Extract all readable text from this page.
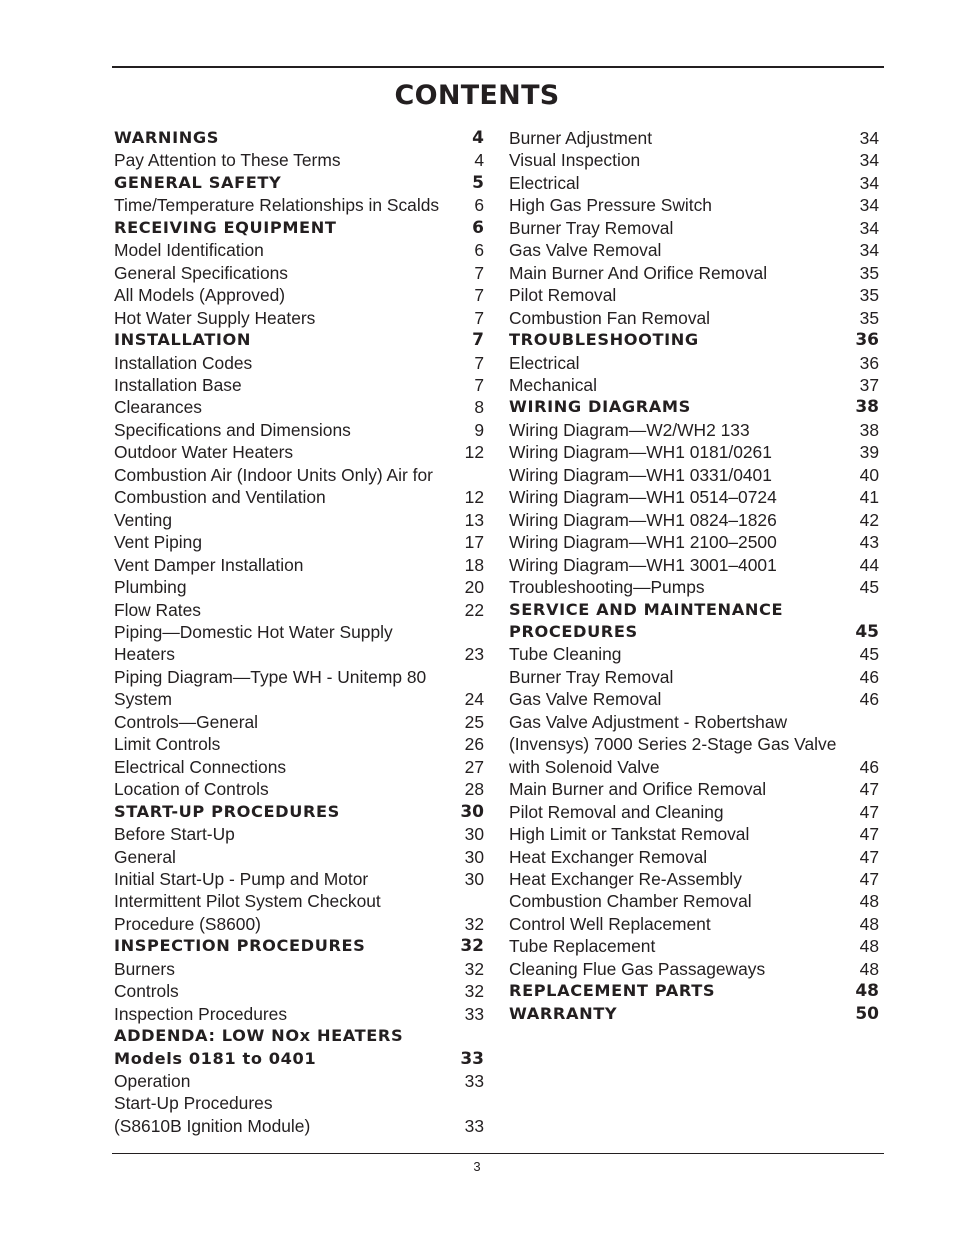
CONTENTS
WARNINGS	4
Pay Attention to These Terms	4
GENERAL SAFETY	5
Time/Temperature Relationships in Scalds	6
RECEIVING EQUIPMENT	6
Model Identification	6
General Specifications	7
All Models (Approved)	7
Hot Water Supply Heaters	7
INSTALLATION	7
Installation Codes	7
Installation Base	7
Clearances	8
Specifications and Dimensions	9
Outdoor Water Heaters	12
Combustion Air (Indoor Units Only) Air for
Combustion and Ventilation	12
Venting	13
Vent Piping	17
Vent Damper Installation	18
Plumbing	20
Flow Rates	22
Piping—Domestic Hot Water Supply
Heaters	23
Piping Diagram—Type WH - Unitemp 80
System	24
Controls—General	25
Limit Controls	26
Electrical Connections	27
Location of Controls	28
START-UP PROCEDURES	30
Before Start-Up	30
General	30
Initial Start-Up - Pump and Motor	30
Intermittent Pilot System Checkout
Procedure (S8600)	32
INSPECTION PROCEDURES	32
Burners	32
Controls	32
Inspection Procedures	33
ADDENDA: LOW NOx HEATERS
Models 0181 to 0401	33
Operation	33
Start-Up Procedures
(S8610B Ignition Module)	33
Burner Adjustment	34
Visual Inspection	34
Electrical	34
High Gas Pressure Switch	34
Burner Tray Removal	34
Gas Valve Removal	34
Main Burner And Orifice Removal	35
Pilot Removal	35
Combustion Fan Removal	35
TROUBLESHOOTING	36
Electrical	36
Mechanical	37
WIRING DIAGRAMS	38
Wiring Diagram—W2/WH2 133	38
Wiring Diagram—WH1 0181/0261	39
Wiring Diagram—WH1 0331/0401	40
Wiring Diagram—WH1 0514–0724	41
Wiring Diagram—WH1 0824–1826	42
Wiring Diagram—WH1 2100–2500	43
Wiring Diagram—WH1 3001–4001	44
Troubleshooting—Pumps	45
SERVICE AND MAINTENANCE
PROCEDURES	45
Tube Cleaning	45
Burner Tray Removal	46
Gas Valve Removal	46
Gas Valve Adjustment - Robertshaw
(Invensys) 7000 Series 2-Stage Gas Valve
with Solenoid Valve	46
Main Burner and Orifice Removal	47
Pilot Removal and Cleaning	47
High Limit or Tankstat Removal	47
Heat Exchanger Removal	47
Heat Exchanger Re-Assembly	47
Combustion Chamber Removal	48
Control Well Replacement	48
Tube Replacement	48
Cleaning Flue Gas Passageways	48
REPLACEMENT PARTS	48
WARRANTY	50
3
